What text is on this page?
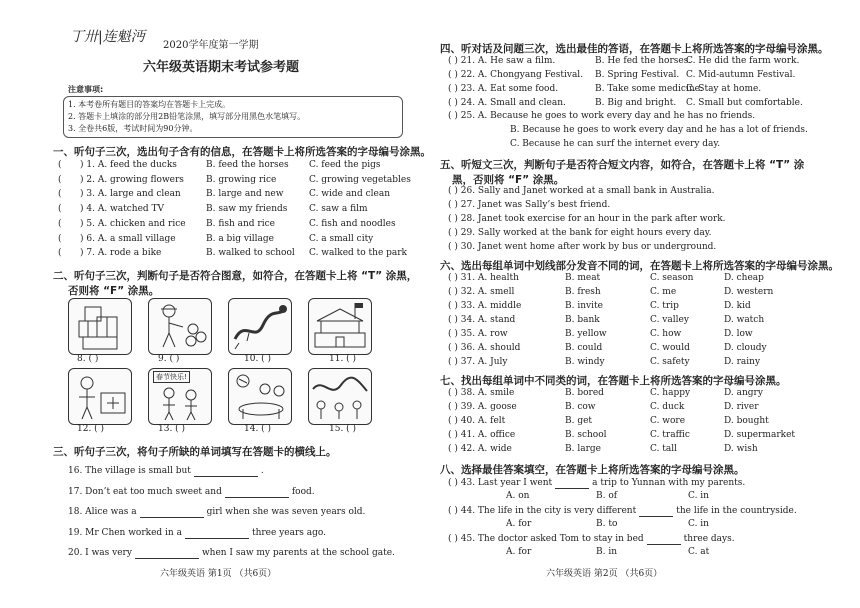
丁卅|连魁沔
2020学年度第一学期
六年级英语期末考试参考题
注意事项:
1. 本考卷所有题目的答案均在答题卡上完成。
2. 答题卡上填涂的部分用2B铅笔涂黑，填写部分用黑色水笔填写。
3. 全卷共6版，考试时间为90分钟。
一、听句子三次，选出句子含有的信息，在答题卡上将所选答案的字母编号涂黑。
( ) 1. A. feed the ducks	B. feed the horses C. feed the pigs
( ) 2. A. growing flowers B. growing rice	C. growing vegetables
( ) 3. A. large and clean	B. large and new	C. wide and clean
( ) 4. A. watched TV	B. saw my friends C. saw a film
( ) 5. A. chicken and rice B. fish and rice	C. fish and noodles
( ) 6. A. a small village	B. a big village	C. a small city
( ) 7. A. rode a bike	B. walked to school C. walked to the park
二、听句子三次，判断句子是否符合图意，如符合，在答题卡上将 “T” 涂黑，
否则将 “F” 涂黑。
8. ( )	9. ( )	10. ( )	11. ( )
春节快乐!
12. ( )	13. ( )	14. ( )	15. ( )
三、听句子三次，将句子所缺的单词填写在答题卡的横线上。
16. The village is small but	.
17. Don’t eat too much sweet and	food.
18. Alice was a	girl when she was seven years old.
19. Mr Chen worked in a	three years ago.
20. I was very	when I saw my parents at the school gate.
六年级英语 第1页 （共6页）
四、听对话及问题三次，选出最佳的答语，在答题卡上将所选答案的字母编号涂黑。
( ) 21. A. He saw a film.	B. He fed the horses.
C. He did the farm work.
( ) 22. A. Chongyang Festival. B. Spring Festival. C. Mid-autumn Festival.
( ) 23. A. Eat some food.	B. Take some medicine.
C. Stay at home.
( ) 24. A. Small and clean.	B. Big and bright. C. Small but comfortable.
( ) 25. A. Because he goes to work every day and he has no friends.
B. Because he goes to work every day and he has a lot of friends.
C. Because he can surf the internet every day.
五、听短文三次，判断句子是否符合短文内容，如符合，在答题卡上将 “T” 涂
黑，否则将 “F” 涂黑。
( ) 26. Sally and Janet worked at a small bank in Australia.
( ) 27. Janet was Sally’s best friend.
( ) 28. Janet took exercise for an hour in the park after work.
( ) 29. Sally worked at the bank for eight hours every day.
( ) 30. Janet went home after work by bus or underground.
六、选出每组单词中划线部分发音不同的词，在答题卡上将所选答案的字母编号涂黑。
( ) 31. A. health	B. meat	C. season	D. cheap
( ) 32. A. smell	B. fresh	C. me	D. western
( ) 33. A. middle	B. invite	C. trip	D. kid
( ) 34. A. stand	B. bank	C. valley	D. watch
( ) 35. A. row	B. yellow	C. how	D. low
( ) 36. A. should	B. could	C. would	D. cloudy
( ) 37. A. July	B. windy	C. safety	D. rainy
七、找出每组单词中不同类的词，在答题卡上将所选答案的字母编号涂黑。
( ) 38. A. smile	B. bored	C. happy	D. angry
( ) 39. A. goose	B. cow	C. duck	D. river
( ) 40. A. felt	B. get	C. wore	D. bought
( ) 41. A. office	B. school	C. traffic	D. supermarket
( ) 42. A. wide	B. large	C. tall	D. wish
八、选择最佳答案填空，在答题卡上将所选答案的字母编号涂黑。
( ) 43. Last year I went	a trip to Yunnan with my parents.
A. on	B. of	C. in
( ) 44. The life in the city is very different	the life in the countryside.
A. for	B. to	C. in
( ) 45. The doctor asked Tom to stay in bed	three days.
A. for	B. in	C. at
六年级英语 第2页 （共6页）
